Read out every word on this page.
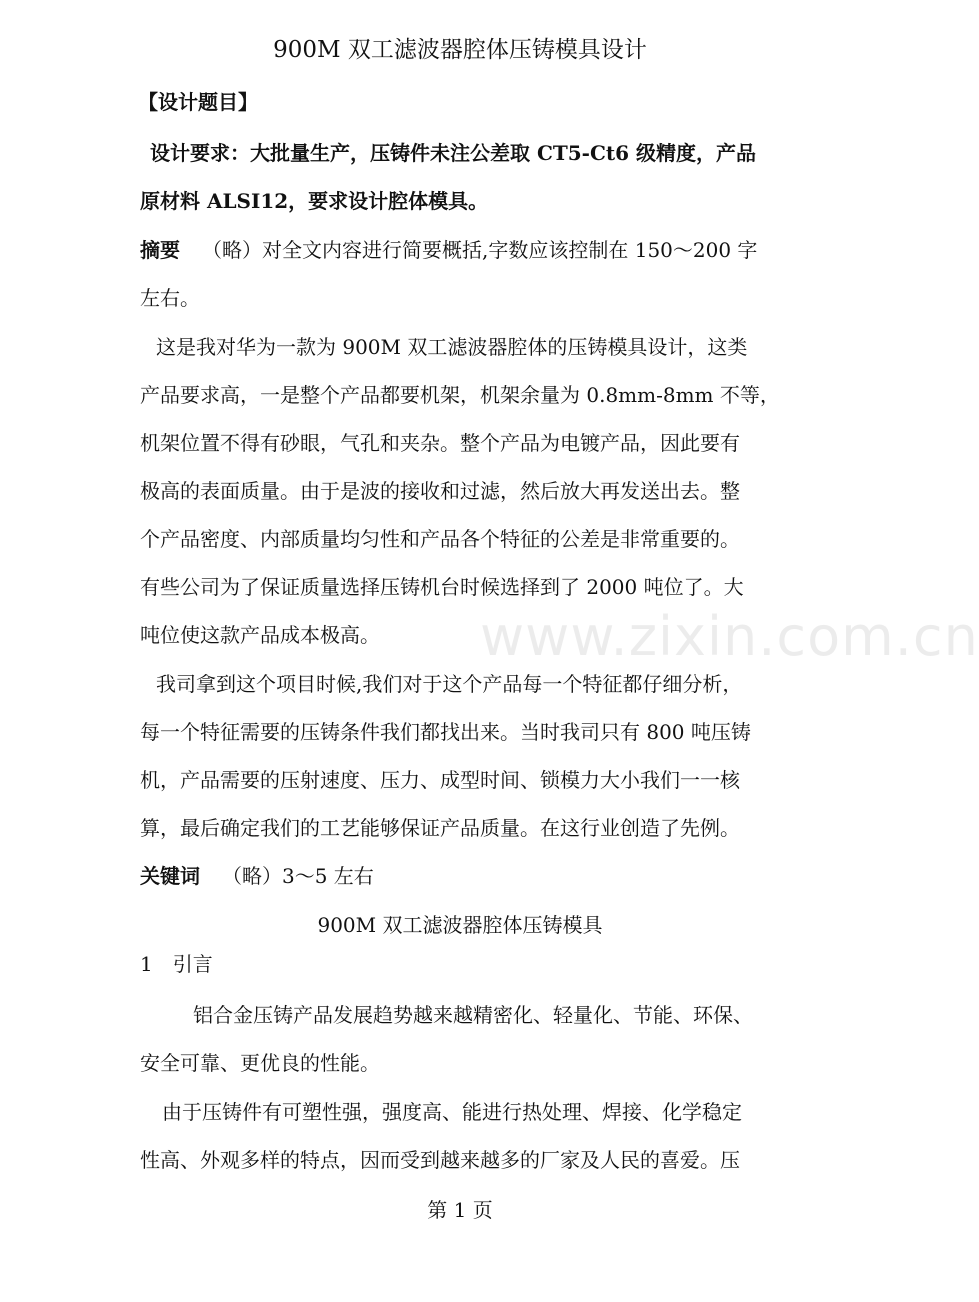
900M 双工滤波器腔体压铸模具设计
【设计题目】
设计要求：大批量生产，压铸件未注公差取 CT5-Ct6 级精度，产品
原材料 ALSI12，要求设计腔体模具。
摘要 （略）对全文内容进行简要概括,字数应该控制在 150～200 字
左右。
这是我对华为一款为 900M 双工滤波器腔体的压铸模具设计，这类
产品要求高，一是整个产品都要机架，机架余量为 0.8mm-8mm 不等，
机架位置不得有砂眼，气孔和夹杂。整个产品为电镀产品，因此要有
极高的表面质量。由于是波的接收和过滤，然后放大再发送出去。整
个产品密度、内部质量均匀性和产品各个特征的公差是非常重要的。
有些公司为了保证质量选择压铸机台时候选择到了 2000 吨位了。大
吨位使这款产品成本极高。
我司拿到这个项目时候,我们对于这个产品每一个特征都仔细分析，
每一个特征需要的压铸条件我们都找出来。当时我司只有 800 吨压铸
机，产品需要的压射速度、压力、成型时间、锁模力大小我们一一核
算，最后确定我们的工艺能够保证产品质量。在这行业创造了先例。
关键词 （略）3～5 左右
900M 双工滤波器腔体压铸模具
1　引言
铝合金压铸产品发展趋势越来越精密化、轻量化、节能、环保、
安全可靠、更优良的性能。
由于压铸件有可塑性强，强度高、能进行热处理、焊接、化学稳定
性高、外观多样的特点，因而受到越来越多的厂家及人民的喜爱。压
www.zixin.com.cn
第 1 页
